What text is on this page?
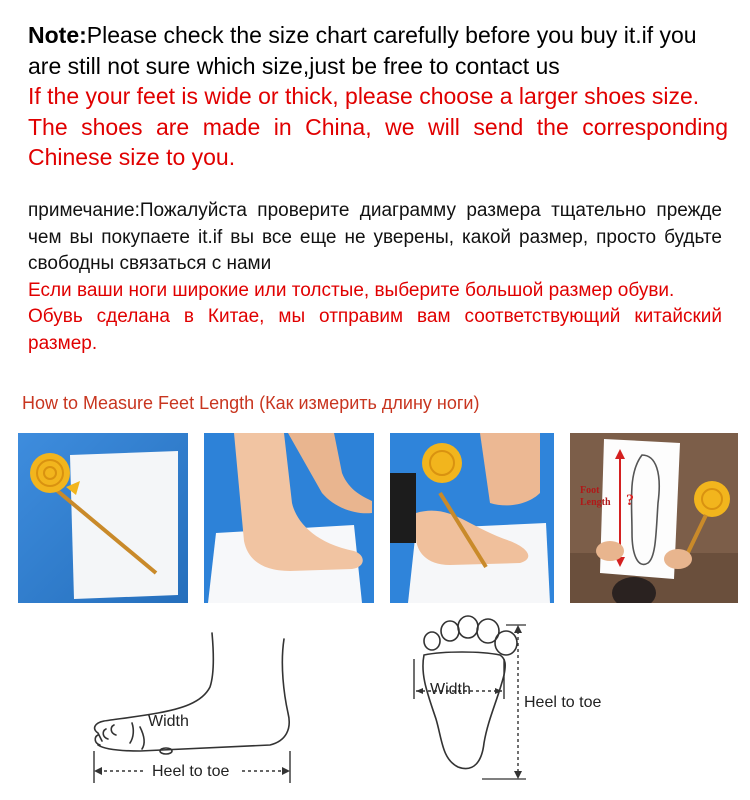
Note:Please check the size chart carefully before you buy it.if you are still not sure which size,just be free to contact us
If the your feet is wide or thick, please choose a larger shoes size.
The shoes are made in China, we will send the corresponding Chinese size to you.
примечание:Пожалуйста проверите диаграмму размера тщательно прежде чем вы покупаете it.if вы все еще не уверены, какой размер, просто будьте свободны связаться с нами
Если ваши ноги широкие или толстые, выберите большой размер обуви.
Обувь сделана в Китае, мы отправим вам соответствующий китайский размер.
How to Measure Feet Length (Как измерить длину ноги)
?
Foot
Length
Width
Heel to toe
Width
Heel to toe
